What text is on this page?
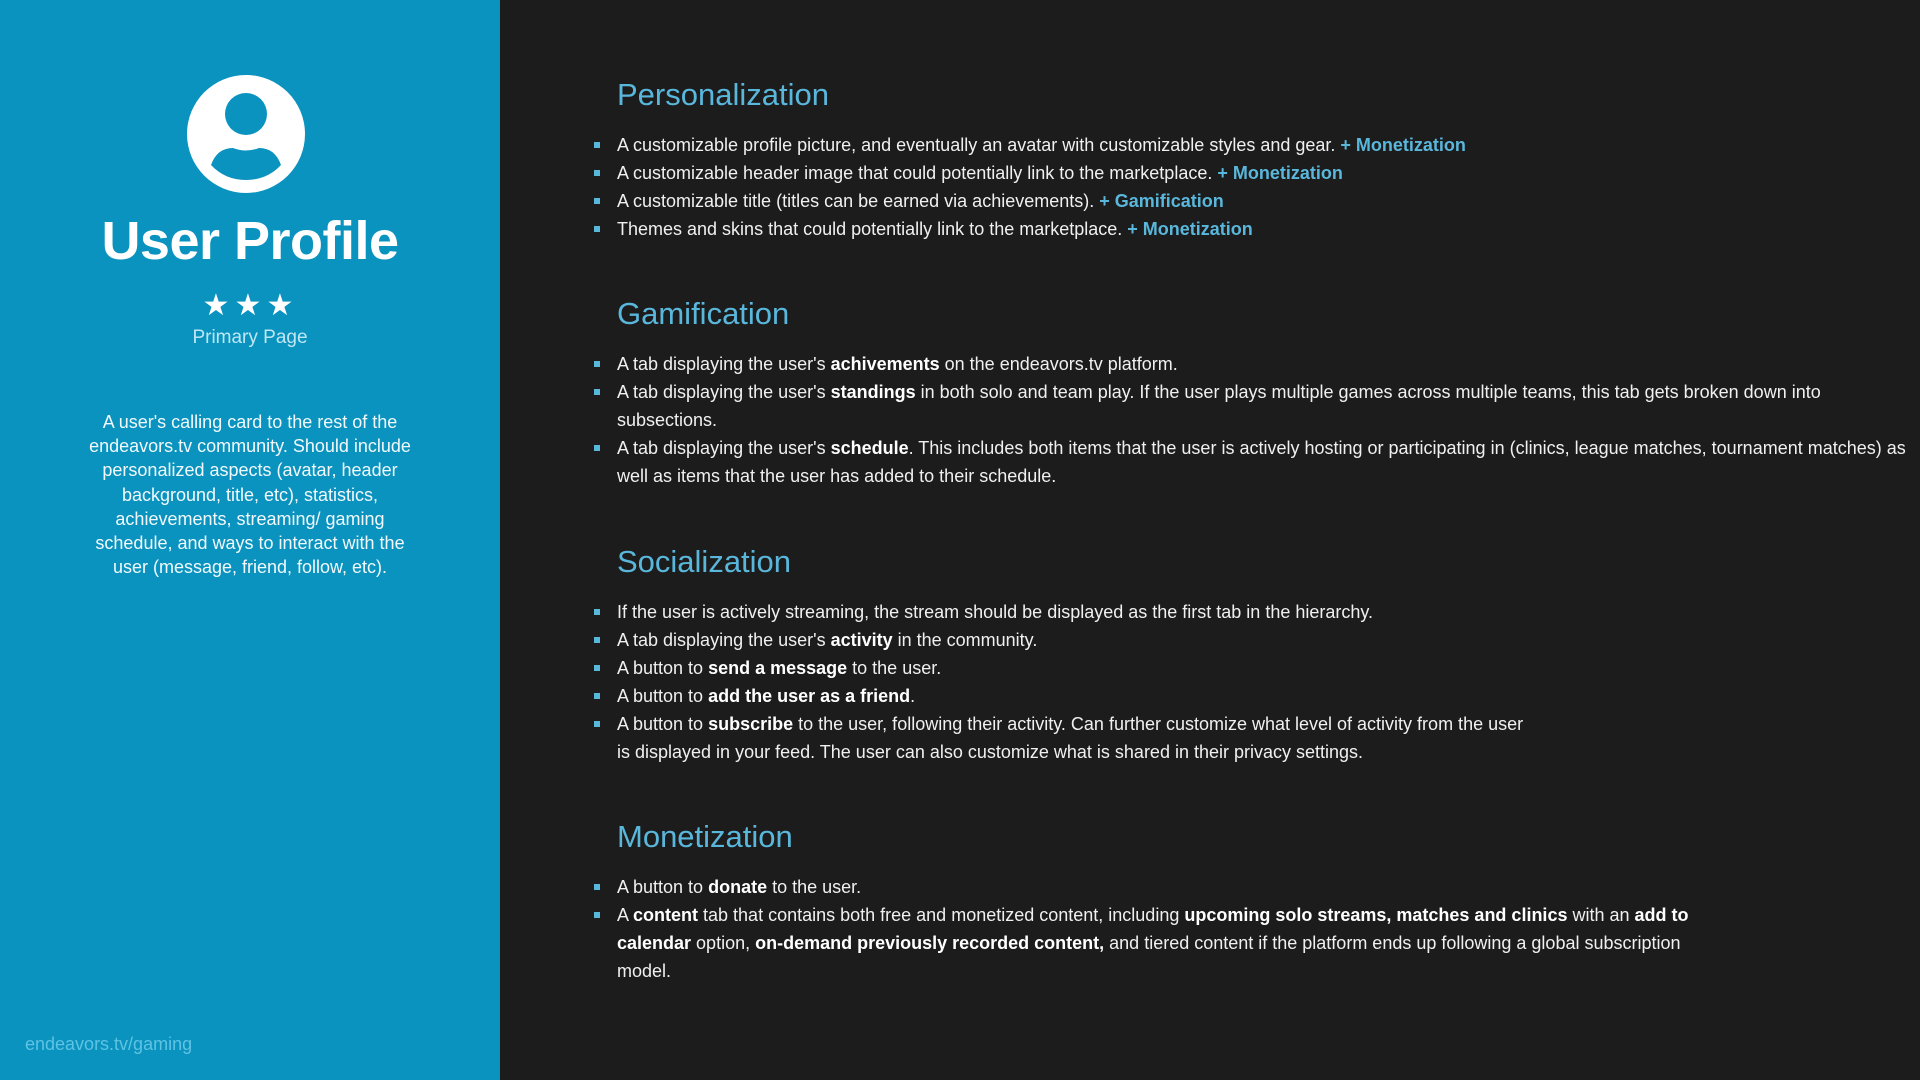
User Profile
★★★
Primary Page
A user's calling card to the rest of the endeavors.tv community. Should include personalized aspects (avatar, header background, title, etc), statistics, achievements, streaming/ gaming schedule, and ways to interact with the user (message, friend, follow, etc).
endeavors.tv/gaming
Personalization
A customizable profile picture, and eventually an avatar with customizable styles and gear. + Monetization
A customizable header image that could potentially link to the marketplace. + Monetization
A customizable title (titles can be earned via achievements). + Gamification
Themes and skins that could potentially link to the marketplace. + Monetization
Gamification
A tab displaying the user's achivements on the endeavors.tv platform.
A tab displaying the user's standings in both solo and team play. If the user plays multiple games across multiple teams, this tab gets broken down into subsections.
A tab displaying the user's schedule. This includes both items that the user is actively hosting or participating in (clinics, league matches, tournament matches) as well as items that the user has added to their schedule.
Socialization
If the user is actively streaming, the stream should be displayed as the first tab in the hierarchy.
A tab displaying the user's activity in the community.
A button to send a message to the user.
A button to add the user as a friend.
A button to subscribe to the user, following their activity. Can further customize what level of activity from the user is displayed in your feed. The user can also customize what is shared in their privacy settings.
Monetization
A button to donate to the user.
A content tab that contains both free and monetized content, including upcoming solo streams, matches and clinics with an add to calendar option, on-demand previously recorded content, and tiered content if the platform ends up following a global subscription model.
